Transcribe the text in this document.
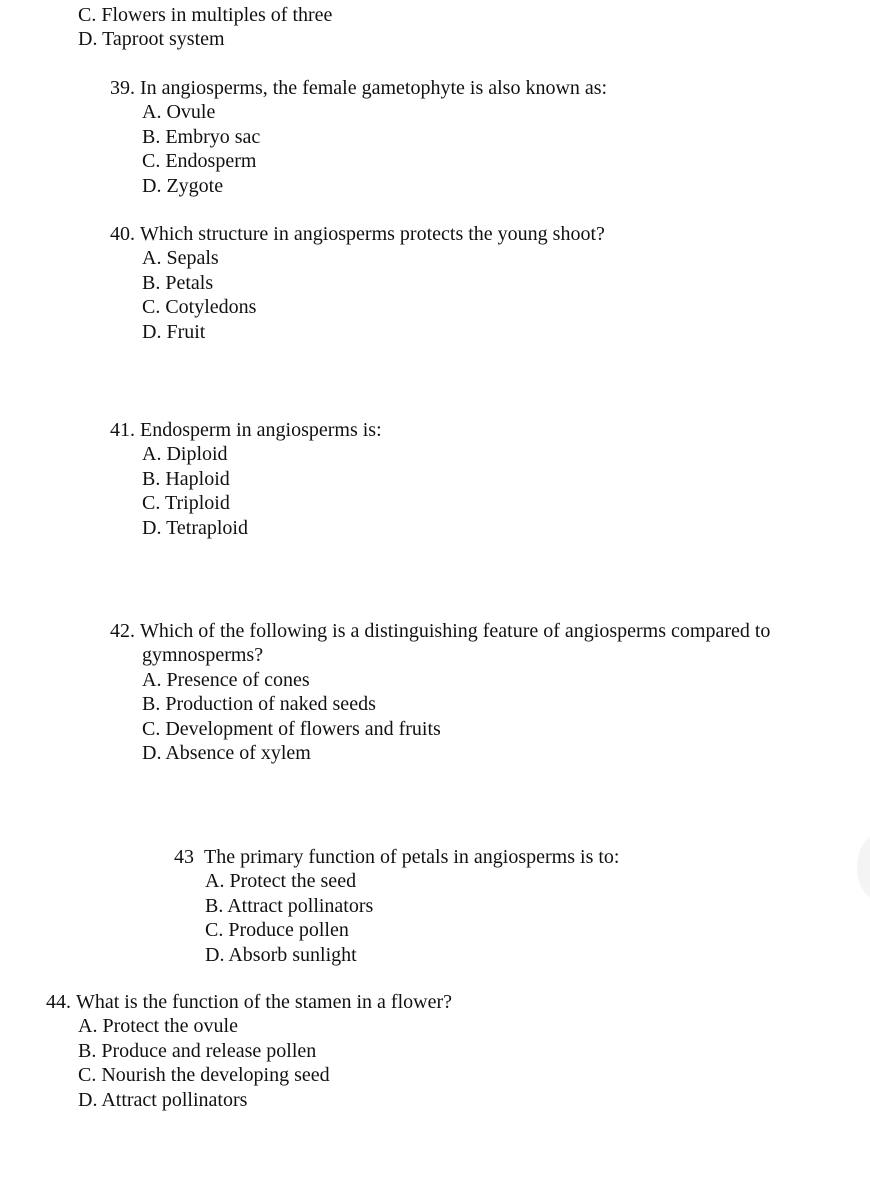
C. Flowers in multiples of three

D. Taproot system

39.
In angiosperms, the female gametophyte is also known as:
A. Ovule
B. Embryo sac
C. Endosperm
D. Zygote
40.
Which structure in angiosperms protects the young shoot?
A. Sepals
B. Petals
C. Cotyledons
D. Fruit
41.
Endosperm in angiosperms is:
A. Diploid
B. Haploid
C. Triploid
D. Tetraploid
42.
Which of the following is a distinguishing feature of angiosperms compared to
gymnosperms?
A. Presence of cones
B. Production of naked seeds
C. Development of flowers and fruits
D. Absence of xylem
43
The primary function of petals in angiosperms is to:
A. Protect the seed
B. Attract pollinators
C. Produce pollen
D. Absorb sunlight
44.
What is the function of the stamen in a flower?
A. Protect the ovule
B. Produce and release pollen
C. Nourish the developing seed
D. Attract pollinators
